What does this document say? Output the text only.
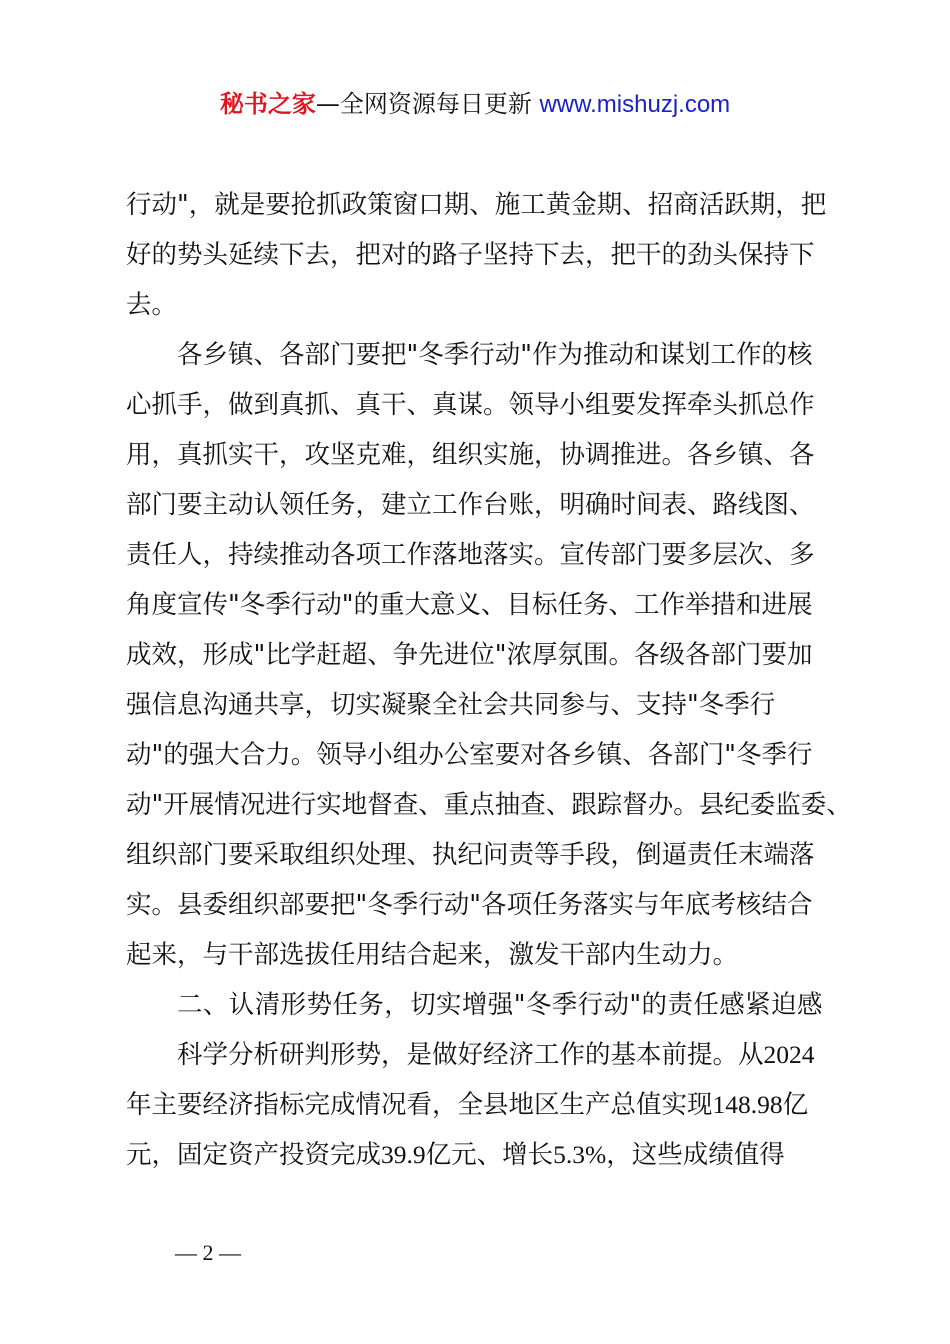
秘书之家—全网资源每日更新 www.mishuzj.com
行动"，就是要抢抓政策窗口期、施工黄金期、招商活跃期，把
好的势头延续下去，把对的路子坚持下去，把干的劲头保持下
去。
各乡镇、各部门要把"冬季行动"作为推动和谋划工作的核
心抓手，做到真抓、真干、真谋。领导小组要发挥牵头抓总作
用，真抓实干，攻坚克难，组织实施，协调推进。各乡镇、各
部门要主动认领任务，建立工作台账，明确时间表、路线图、
责任人，持续推动各项工作落地落实。宣传部门要多层次、多
角度宣传"冬季行动"的重大意义、目标任务、工作举措和进展
成效，形成"比学赶超、争先进位"浓厚氛围。各级各部门要加
强信息沟通共享，切实凝聚全社会共同参与、支持"冬季行
动"的强大合力。领导小组办公室要对各乡镇、各部门"冬季行
动"开展情况进行实地督查、重点抽查、跟踪督办。县纪委监委、
组织部门要采取组织处理、执纪问责等手段，倒逼责任末端落
实。县委组织部要把"冬季行动"各项任务落实与年底考核结合
起来，与干部选拔任用结合起来，激发干部内生动力。
二、认清形势任务，切实增强"冬季行动"的责任感紧迫感
科学分析研判形势，是做好经济工作的基本前提。从2024
年主要经济指标完成情况看，全县地区生产总值实现148.98亿
元，固定资产投资完成39.9亿元、增长5.3%，这些成绩值得
— 2 —
